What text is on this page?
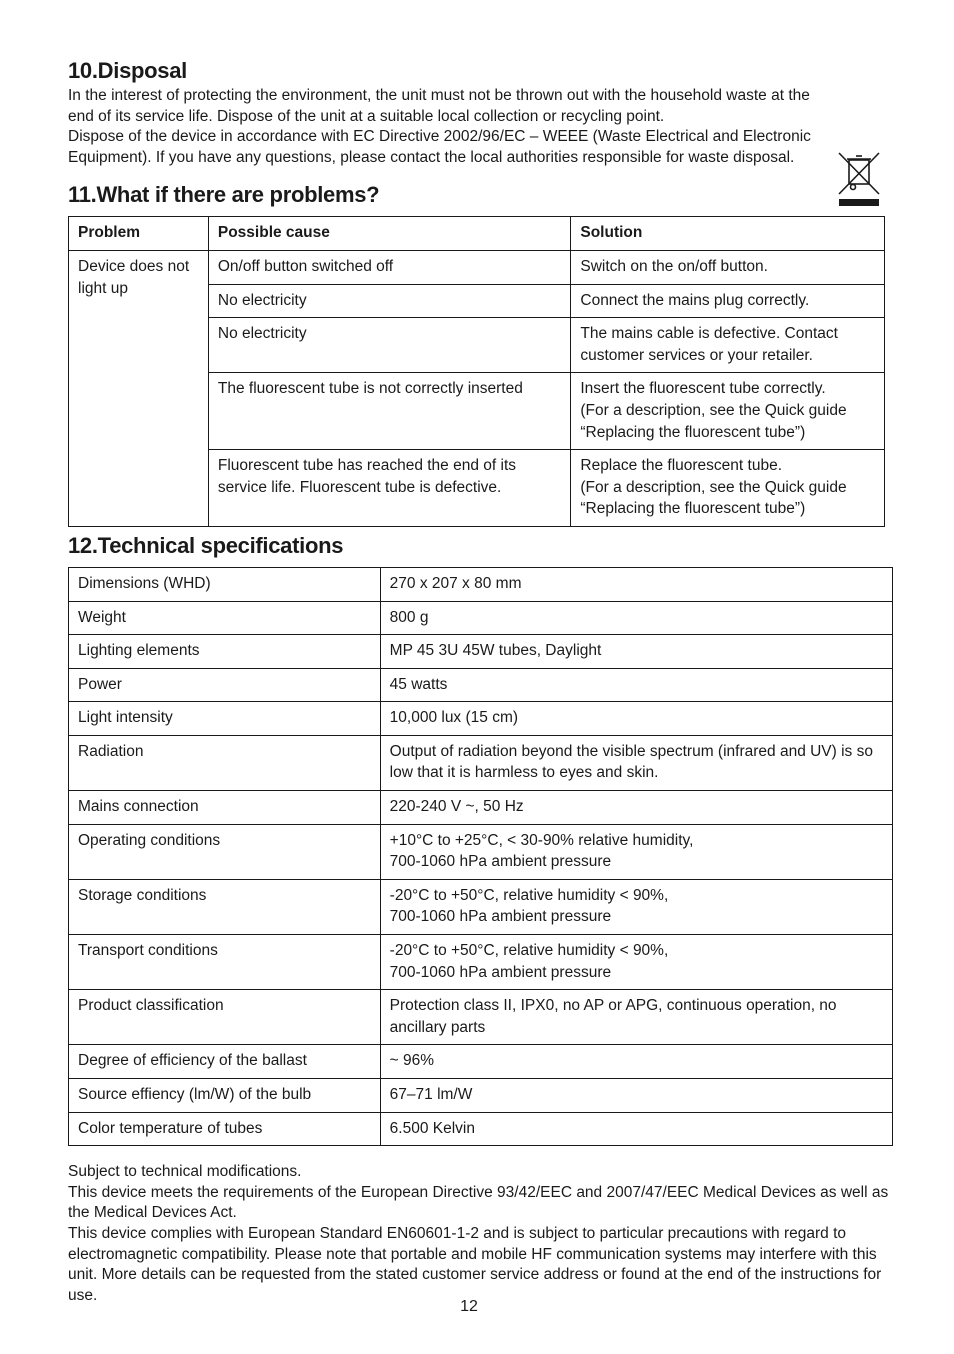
10.Disposal

In the interest of protecting the environment, the unit must not be thrown out with the household waste at the end of its service life. Dispose of the unit at a suitable local collection or recycling point.

Dispose of the device in accordance with EC Directive 2002/96/EC – WEEE (Waste Electrical and Electronic Equipment). If you have any questions, please contact the local authorities responsible for waste disposal.

11.What if there are problems?
Problem	Possible cause	Solution
Device does not light up	On/off button switched off	Switch on the on/off button.
	No electricity	Connect the mains plug correctly.
	No electricity	The mains cable is defective. Contact customer services or your retailer.
	The fluorescent tube is not correctly inserted	Insert the fluorescent tube correctly.
(For a description, see the Quick guide “Replacing the fluorescent tube”)
	Fluorescent tube has reached the end of its service life. Fluorescent tube is defective.	Replace the fluorescent tube.
(For a description, see the Quick guide “Replacing the fluorescent tube”)
12.Technical specifications
Dimensions (WHD)	270 x 207 x 80 mm
Weight	800 g
Lighting elements	MP 45 3U 45W tubes, Daylight
Power	45 watts
Light intensity	10,000 lux (15 cm)
Radiation	Output of radiation beyond the visible spectrum (infrared and UV) is so low that it is harmless to eyes and skin.
Mains connection	220-240 V ~, 50 Hz
Operating conditions	+10°C to +25°C, < 30-90% relative humidity,
700-1060 hPa ambient pressure
Storage conditions	-20°C to +50°C, relative humidity < 90%,
700-1060 hPa ambient pressure
Transport conditions	-20°C to +50°C, relative humidity < 90%,
700-1060 hPa ambient pressure
Product classification	Protection class II, IPX0, no AP or APG, continuous operation, no ancillary parts
Degree of efficiency of the ballast	~ 96%
Source effiency (lm/W) of the bulb	67–71 lm/W
Color temperature of tubes	6.500 Kelvin

Subject to technical modifications.

This device meets the requirements of the European Directive 93/42/EEC and 2007/47/EEC Medical Devices as well as the Medical Devices Act.

This device complies with European Standard EN60601-1-2 and is subject to particular precautions with regard to electromagnetic compatibility. Please note that portable and mobile HF communication systems may interfere with this unit. More details can be requested from the stated customer service address or found at the end of the instructions for use.

12
